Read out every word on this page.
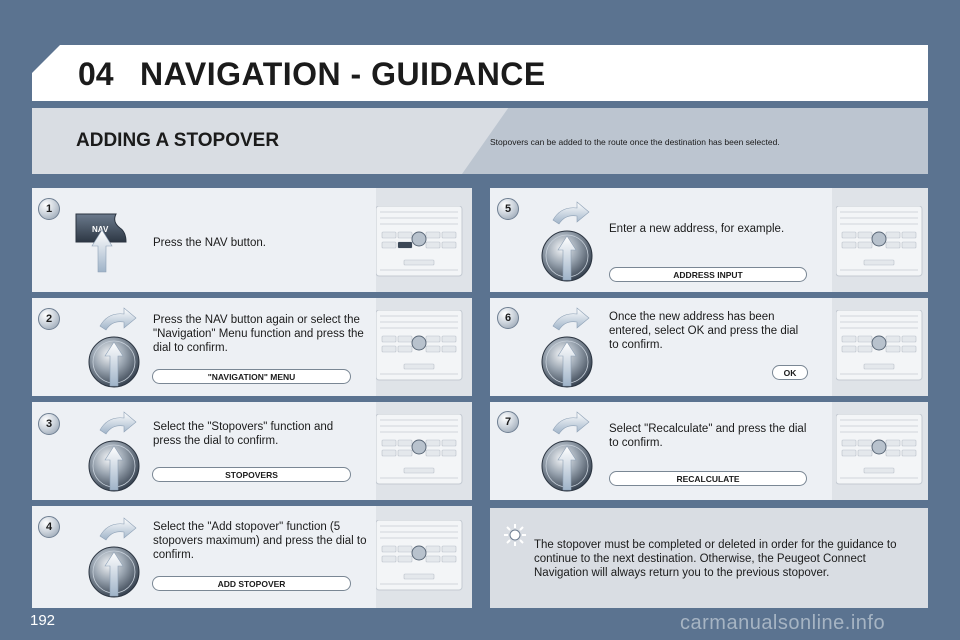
04 NAVIGATION - GUIDANCE
ADDING A STOPOVER	Stopovers can be added to the route once the destination has been selected.
1
NAV
Press the NAV button.
2	Press the NAV button again or select the "Navigation" Menu function and press the dial to confirm.
"NAVIGATION" MENU
3	Select the "Stopovers" function and press the dial to confirm.
STOPOVERS
4	Select the "Add stopover" function (5 stopovers maximum) and press the dial to confirm.
ADD STOPOVER
5
Enter a new address, for example.
ADDRESS INPUT
6	Once the new address has been entered, select OK and press the dial to confirm.
OK
7
Select "Recalculate" and press the dial to confirm.
RECALCULATE
The stopover must be completed or deleted in order for the guidance to continue to the next destination. Otherwise, the Peugeot Connect Navigation will always return you to the previous stopover.
192	carmanualsonline.info
